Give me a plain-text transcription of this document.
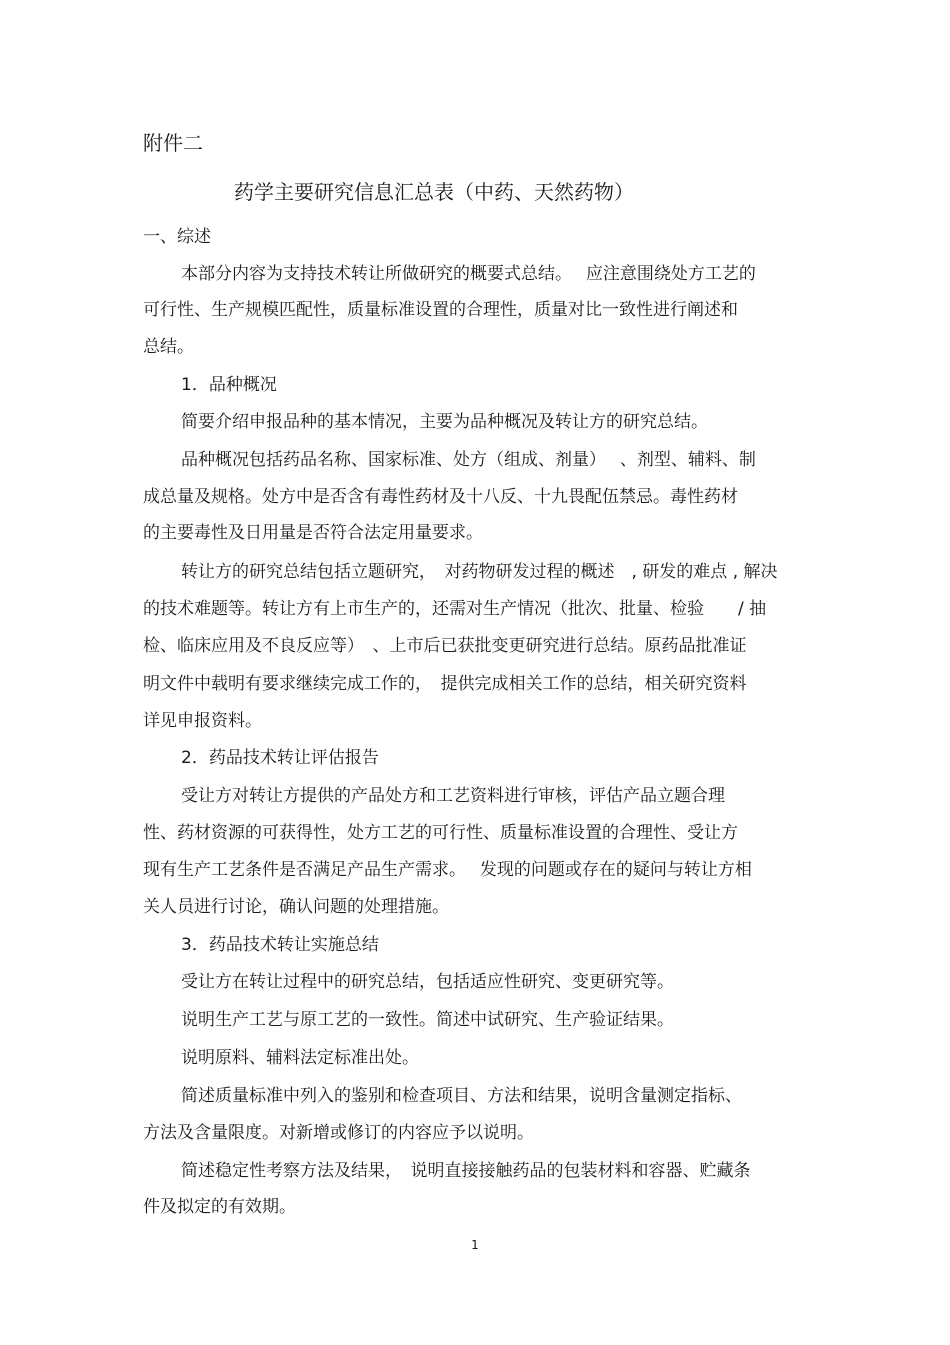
附件二
药学主要研究信息汇总表（中药、天然药物）
一、综述
本部分内容为支持技术转让所做研究的概要式总结。　 应注意围绕处方工艺的
可行性、生产规模匹配性，质量标准设置的合理性，质量对比一致性进行阐述和
总结。
1．品种概况
简要介绍申报品种的基本情况，主要为品种概况及转让方的研究总结。
品种概况包括药品名称、国家标准、处方（组成、剂量）　 、剂型、辅料、制
成总量及规格。处方中是否含有毒性药材及十八反、十九畏配伍禁忌。毒性药材
的主要毒性及日用量是否符合法定用量要求。
转让方的研究总结包括立题研究，　对药物研发过程的概述　, 研发的难点 , 解决
的技术难题等。转让方有上市生产的，还需对生产情况（批次、批量、检验　　/ 抽
检、临床应用及不良反应等）　、上市后已获批变更研究进行总结。原药品批准证
明文件中载明有要求继续完成工作的，　提供完成相关工作的总结，相关研究资料
详见申报资料。
2．药品技术转让评估报告
受让方对转让方提供的产品处方和工艺资料进行审核，评估产品立题合理
性、药材资源的可获得性，处方工艺的可行性、质量标准设置的合理性、受让方
现有生产工艺条件是否满足产品生产需求。　 发现的问题或存在的疑问与转让方相
关人员进行讨论，确认问题的处理措施。
3．药品技术转让实施总结
受让方在转让过程中的研究总结，包括适应性研究、变更研究等。
说明生产工艺与原工艺的一致性。简述中试研究、生产验证结果。
说明原料、辅料法定标准出处。
简述质量标准中列入的鉴别和检查项目、方法和结果，说明含量测定指标、
方法及含量限度。对新增或修订的内容应予以说明。
简述稳定性考察方法及结果，　说明直接接触药品的包装材料和容器、贮藏条
件及拟定的有效期。
1
